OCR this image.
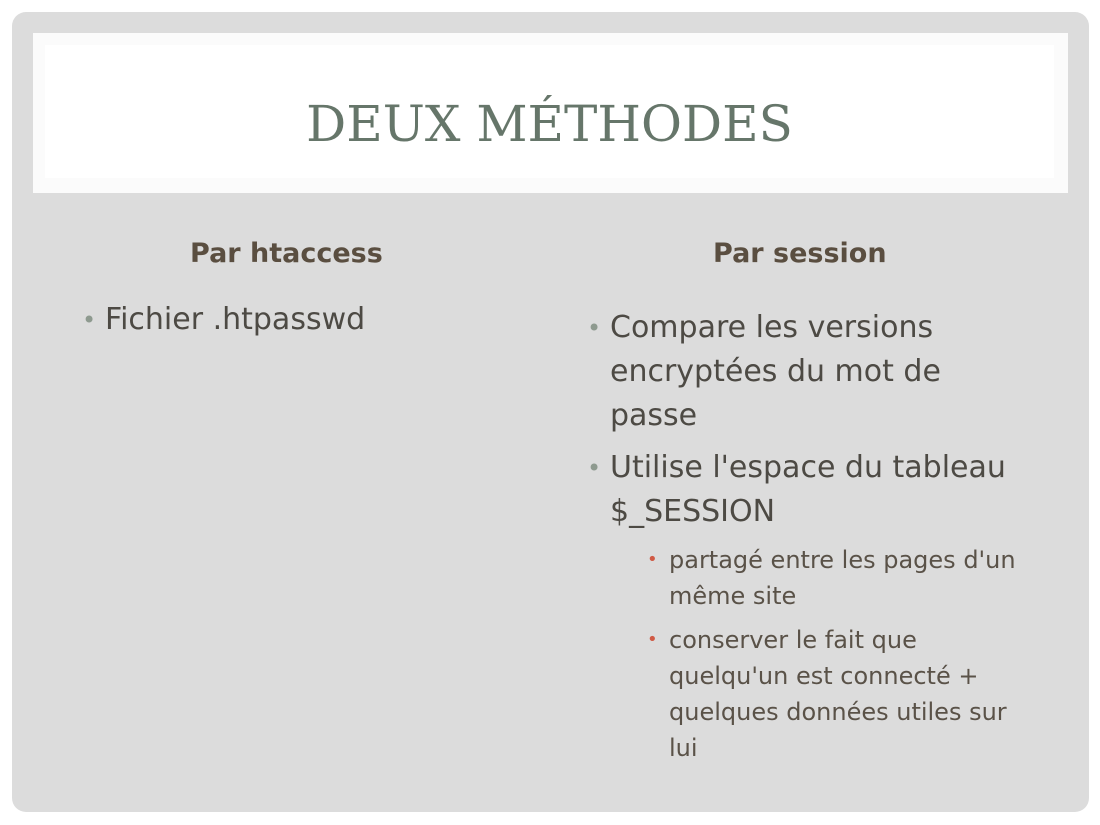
DEUX MÉTHODES
Par htaccess	Par session
• Fichier .htpasswd	• Compare les versions encryptées du mot de passe
• Utilise l'espace du tableau $_SESSION
• partagé entre les pages d'un même site
• conserver le fait que quelqu'un est connecté + quelques données utiles sur lui
